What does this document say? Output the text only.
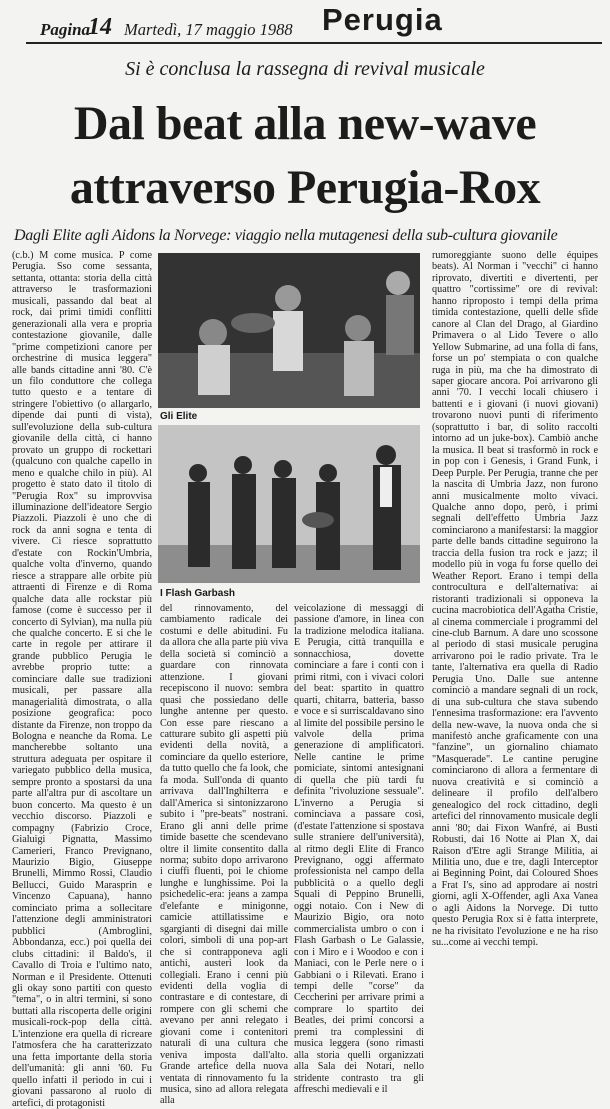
Pagina
14 Martedì, 17 maggio 1988 Perugia
Si è conclusa la rassegna di revival musicale
Dal beat alla new-wave
attraverso Perugia-Rox
Dagli Elite agli Aidons la Norvege: viaggio nella mutagenesi della sub-cultura giovanile

(c.b.) M come musica. P come Perugia. Sso come sessanta, settanta, ottanta: storia della città attraverso le trasformazioni musicali, passando dal beat al rock, dai primi timidi conflitti generazionali alla vera e propria contestazione giovanile, dalle "prime competizioni canore per orchestrine di musica leggera" alle bands cittadine anni '80. C'è un filo conduttore che collega tutto questo e a tentare di stringere l'obiettivo (o allargarlo, dipende dai punti di vista), sull'evoluzione della sub-cultura giovanile della città, ci hanno provato un gruppo di rockettari (qualcuno con qualche capello in meno e qualche chilo in più). Al progetto è stato dato il titolo di "Perugia Rox" su improvvisa illuminazione dell'ideatore Sergio Piazzoli. Piazzoli è uno che di rock da anni sogna e tenta di vivere. Ci riesce soprattutto d'estate con Rockin'Umbria, qualche volta d'inverno, quando riesce a strappare alle orbite più attraenti di Firenze e di Roma qualche data alle rockstar più famose (come è successo per il concerto di Sylvian), ma nulla più che qualche concerto. E si che le carte in regole per attirare il grande pubblico Perugia le avrebbe proprio tutte: a cominciare dalle sue tradizioni musicali, per passare alla managerialità dimostrata, o alla posizione geografica: poco distante da Firenze, non troppo da Bologna e neanche da Roma. Le mancherebbe soltanto una struttura adeguata per ospitare il variegato pubblico della musica, sempre pronto a spostarsi da una parte all'altra pur di ascoltare un buon concerto. Ma questo è un vecchio discorso. Piazzoli e compagny (Fabrizio Croce, Gialuigi Pignatta, Massimo Camerieri, Franco Prevignano, Maurizio Bigio, Giuseppe Brunelli, Mimmo Rossi, Claudio Bellucci, Guido Marasprin e Vincenzo Capuana), hanno cominciato prima a sollecitare l'attenzione degli amministratori pubblici (Ambroglini, Abbondanza, ecc.) poi quella dei clubs cittadini: il Baldo's, il Cavallo di Troia e l'ultimo nato, Norman e il Presidente. Ottenuti gli okay sono partiti con questo "tema", o in altri termini, si sono buttati alla riscoperta delle origini musicali-rock-pop della città. L'intenzione era quella di ricreare l'atmosfera che ha caratterizzato una fetta importante della storia dell'umanità: gli anni '60. Fu quello infatti il periodo in cui i giovani passarono al ruolo di artefici, di protagonisti

Gli Elite
I Flash Garbash

del rinnovamento, del cambiamento radicale dei costumi e delle abitudini. Fu da allora che alla parte più viva della società si cominciò a guardare con rinnovata attenzione. I giovani recepiscono il nuovo: sembra quasi che possiedano delle lunghe antenne per questo. Con esse pare riescano a catturare subito gli aspetti più evidenti della novità, a cominciare da quello esteriore, da tutto quello che fa look, che fa moda. Sull'onda di quanto arrivava dall'Inghilterra e dall'America si sintonizzarono subito i "pre-beats" nostrani. Erano gli anni delle prime timide basette che scendevano oltre il limite consentito dalla norma; subito dopo arrivarono i ciuffi fluenti, poi le chiome lunghe e lunghissime. Poi la psichedelic-era: jeans a zampa d'elefante e minigonne, camicie attillatissime e sgargianti di disegni dai mille colori, simboli di una pop-art che si contrapponeva agli antichi, austeri look da collegiali. Erano i cenni più evidenti della voglia di contrastare e di contestare, di rompere con gli schemi che avevano per anni relegato i giovani come i contenitori naturali di una cultura che veniva imposta dall'alto. Grande artefice della nuova ventata di rinnovamento fu la musica, sino ad allora relegata alla

veicolazione di messaggi di passione d'amore, in linea con la tradizione melodica italiana. E Perugia, città tranquilla e sonnacchiosa, dovette cominciare a fare i conti con i primi ritmi, con i vivaci colori del beat: spartito in quattro quarti, chitarra, batteria, basso e voce e si surriscaldavano sino al limite del possibile persino le valvole della prima generazione di amplificatori. Nelle cantine le prime pomiciate, sintomi antesignani di quella che più tardi fu definita "rivoluzione sessuale". L'inverno a Perugia si cominciava a passare così, (d'estate l'attenzione si spostava sulle straniere dell'università), al ritmo degli Elite di Franco Prevignano, oggi affermato professionista nel campo della pubblicità o a quello degli Squali di Peppino Brunelli, oggi notaio. Con i New di Maurizio Bigio, ora noto commercialista umbro o con i Flash Garbash o Le Galassie, con i Miro e i Woodoo e con i Maniaci, con le Perle nere o i Gabbiani o i Rilevati. Erano i tempi delle "corse" da Ceccherini per arrivare primi a comprare lo spartito dei Beatles, dei primi concorsi a premi tra complessini di musica leggera (sono rimasti alla storia quelli organizzati alla Sala dei Notari, nello stridente contrasto tra gli affreschi medievali e il

rumoreggiante suono delle équipes beats). Al Norman i "vecchi" ci hanno riprovato, divertiti e divertenti, per quattro "cortissime" ore di revival: hanno riproposto i tempi della prima timida contestazione, quelli delle sfide canore al Clan del Drago, al Giardino Primavera o al Lido Tevere o allo Yellow Submarine, ad una folla di fans, forse un po' stempiata o con qualche ruga in più, ma che ha dimostrato di saper giocare ancora. Poi arrivarono gli anni '70. I vecchi locali chiusero i battenti e i giovani (i nuovi giovani) trovarono nuovi punti di riferimento (soprattutto i bar, di solito raccolti intorno ad un juke-box). Cambiò anche la musica. Il beat si trasformò in rock e in pop con i Genesis, i Grand Funk, i Deep Purple. Per Perugia, tranne che per la nascita di Umbria Jazz, non furono anni musicalmente molto vivaci. Qualche anno dopo, però, i primi segnali dell'effetto Umbria Jazz cominciarono a manifestarsi: la maggior parte delle bands cittadine seguirono la traccia della fusion tra rock e jazz; il modello più in voga fu forse quello dei Weather Report. Erano i tempi della controcultura e dell'alternativa: ai ristoranti tradizionali si opponeva la cucina macrobiotica dell'Agatha Cristie, al cinema commerciale i programmi del cine-club Barnum. A dare uno scossone al periodo di stasi musicale perugina arrivarono poi le radio private. Tra le tante, l'alternativa era quella di Radio Perugia Uno. Dalle sue antenne cominciò a mandare segnali di un rock, di una sub-cultura che stava subendo l'ennesima trasformazione: era l'avvento della new-wave, la nuova onda che si manifestò anche graficamente con una "fanzine", un giornalino chiamato "Masquerade". Le cantine perugine cominciarono di allora a fermentare di nuova creatività e si cominciò a delineare il profilo dell'albero genealogico del rock cittadino, degli artefici del rinnovamento musicale degli anni '80; dai Fixon Wanfré, ai Busti Robusti, dai 16 Notte ai Plan X, dai Raison d'Etre agli Strange Militia, ai Militia uno, due e tre, dagli Interceptor ai Beginning Point, dai Coloured Shoes a Frat I's, sino ad approdare ai nostri giorni, agli X-Offender, agli Axa Vanea o agli Aidons la Norvege. Di tutto questo Perugia Rox si è fatta interprete, ne ha rivisitato l'evoluzione e ne ha riso su...come ai vecchi tempi.
